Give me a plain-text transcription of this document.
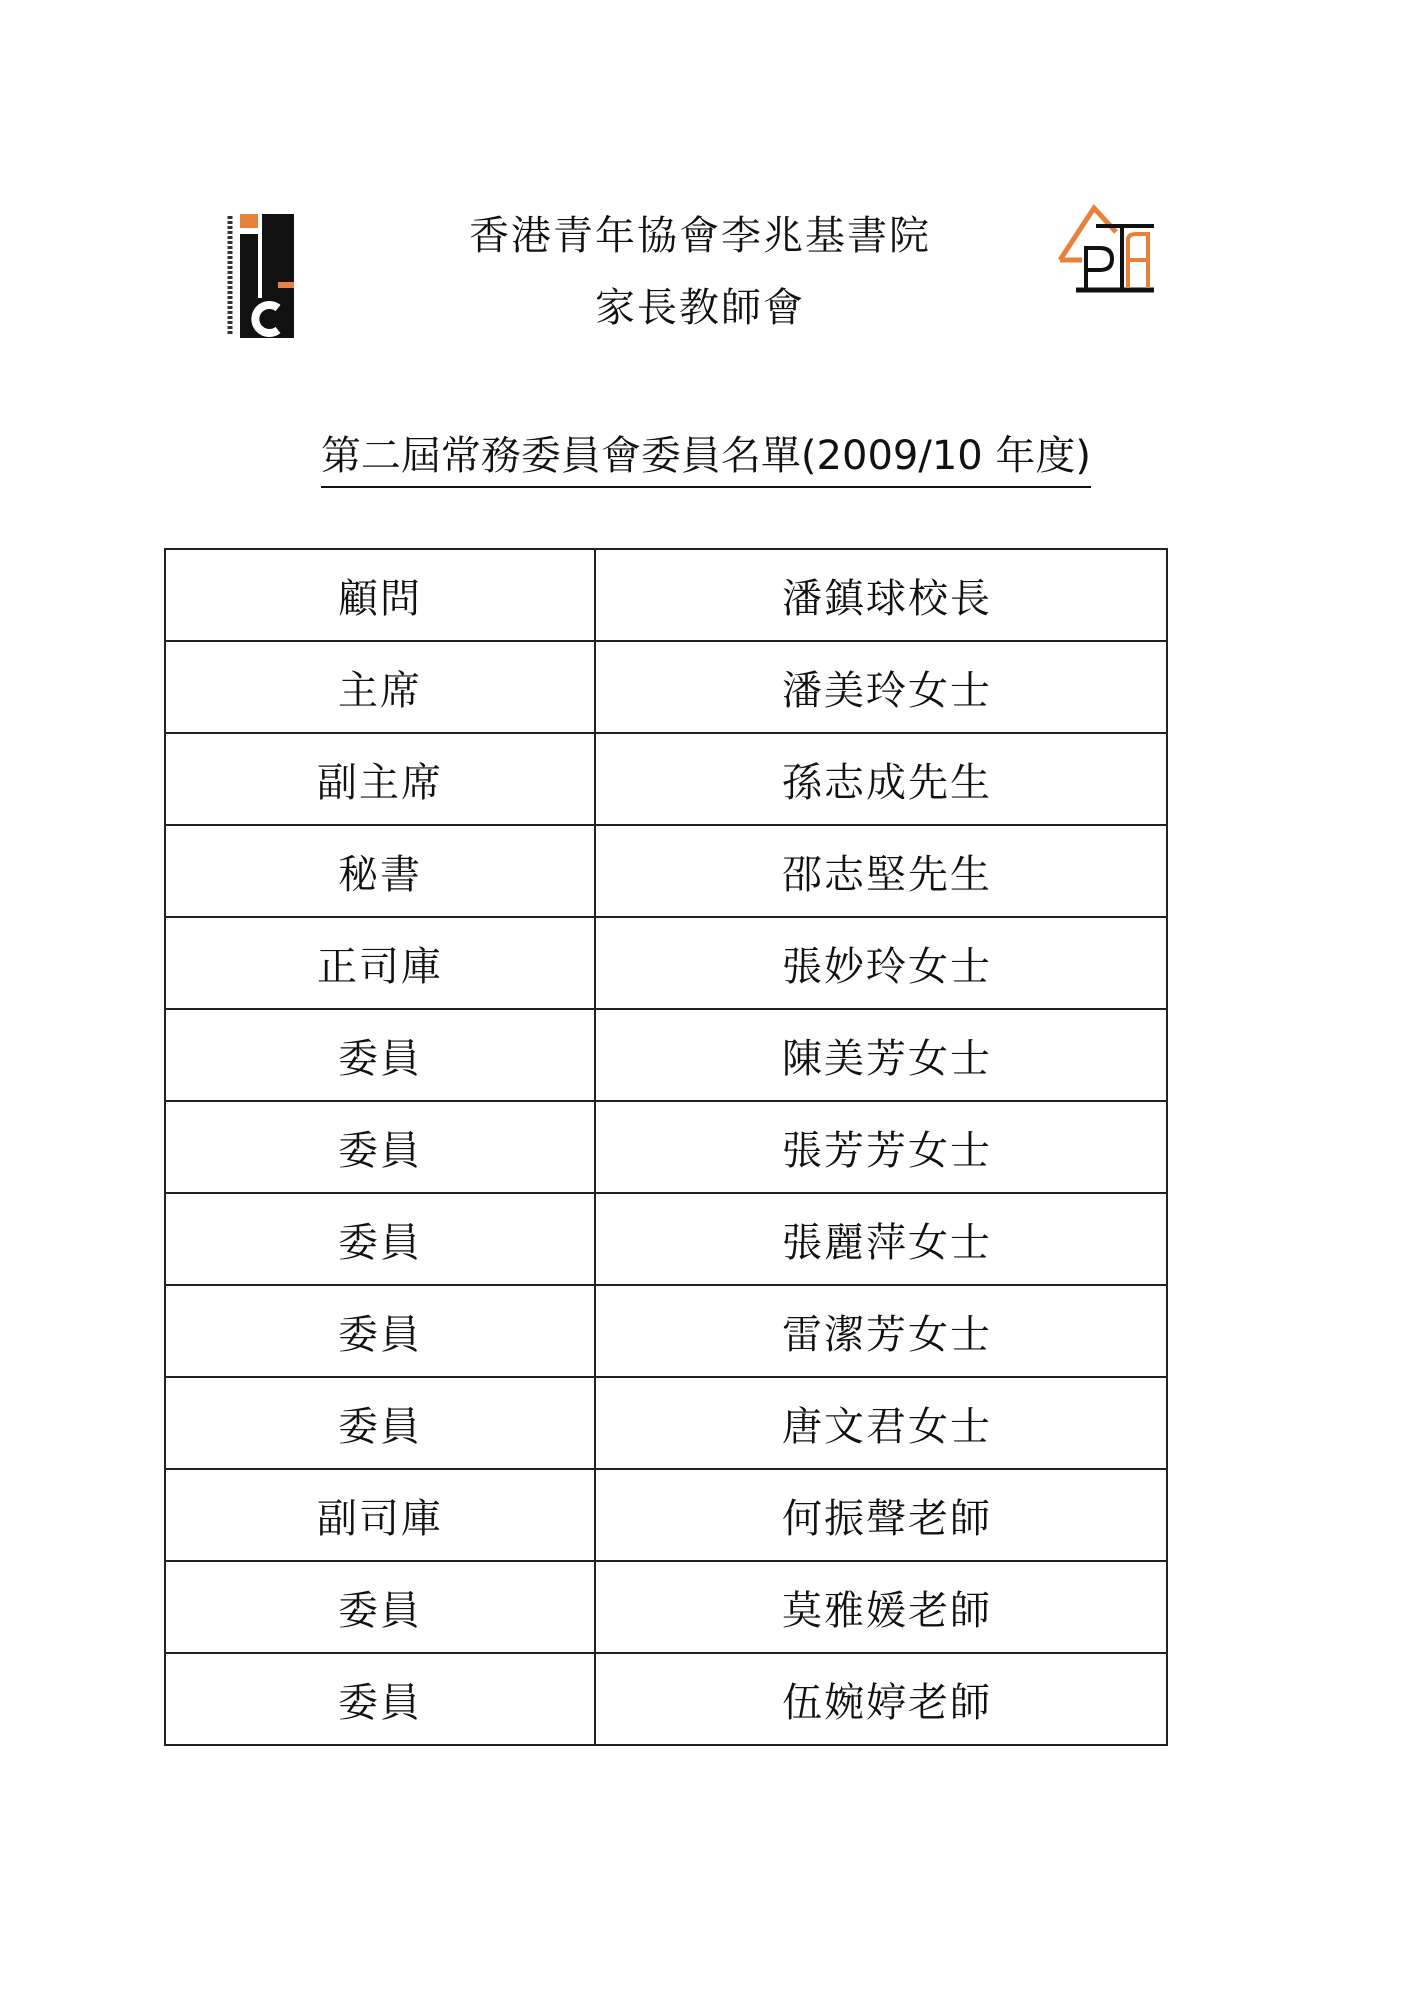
香港青年協會李兆基書院
家長教師會
第二屆常務委員會委員名單(2009/10 年度)
顧問	潘鎮球校長
主席	潘美玲女士
副主席	孫志成先生
秘書	邵志堅先生
正司庫	張妙玲女士
委員	陳美芳女士
委員	張芳芳女士
委員	張麗萍女士
委員	雷潔芳女士
委員	唐文君女士
副司庫	何振聲老師
委員	莫雅媛老師
委員	伍婉婷老師
